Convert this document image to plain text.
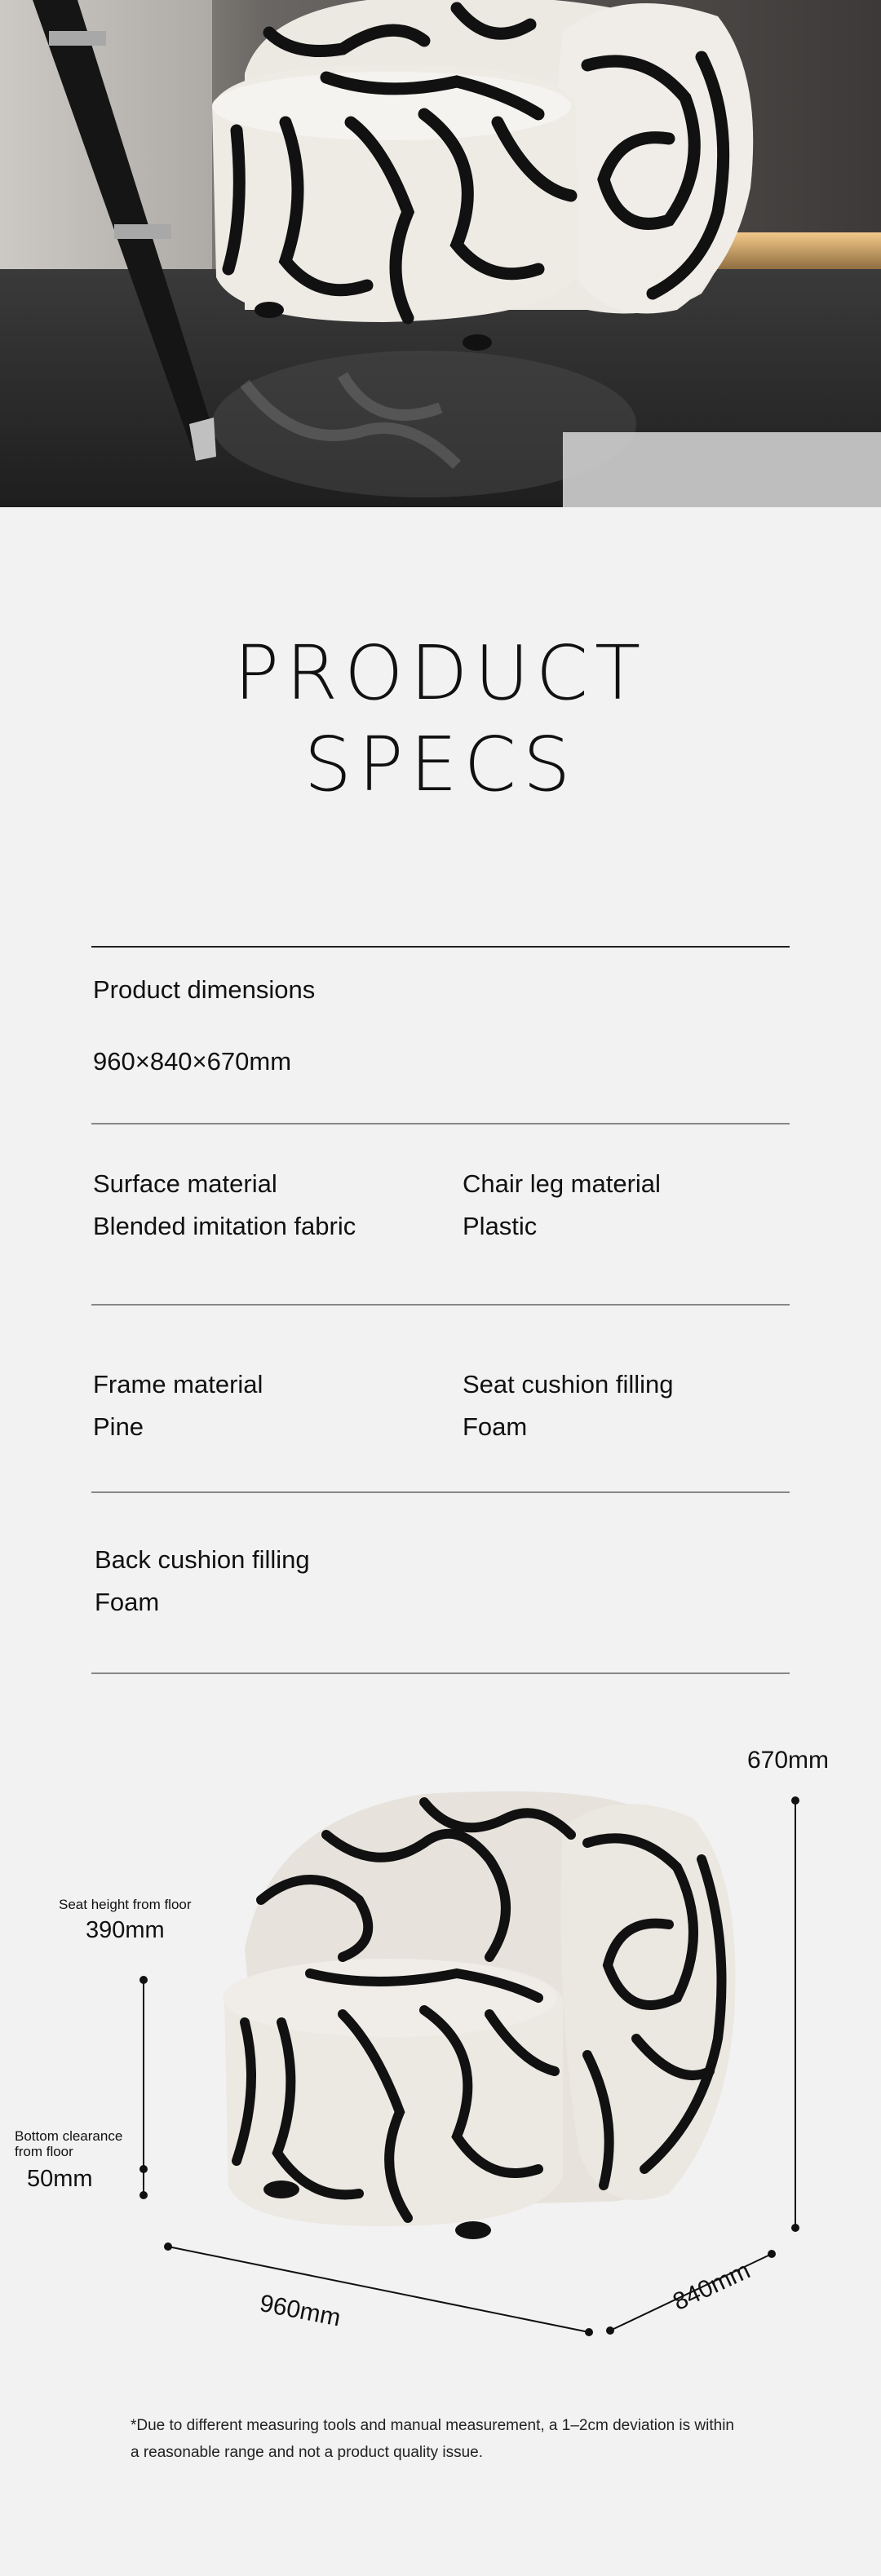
PRODUCT
SPECS
Product dimensions
960×840×670mm
Surface material
Blended imitation fabric
Chair leg material
Plastic
Frame material
Pine
Seat cushion filling
Foam
Back cushion filling
Foam
670mm
Seat height from floor
390mm
Bottom clearance
from floor
50mm
960mm	840mm
*Due to different measuring tools and manual measurement, a 1–2cm deviation is within
a reasonable range and not a product quality issue.
